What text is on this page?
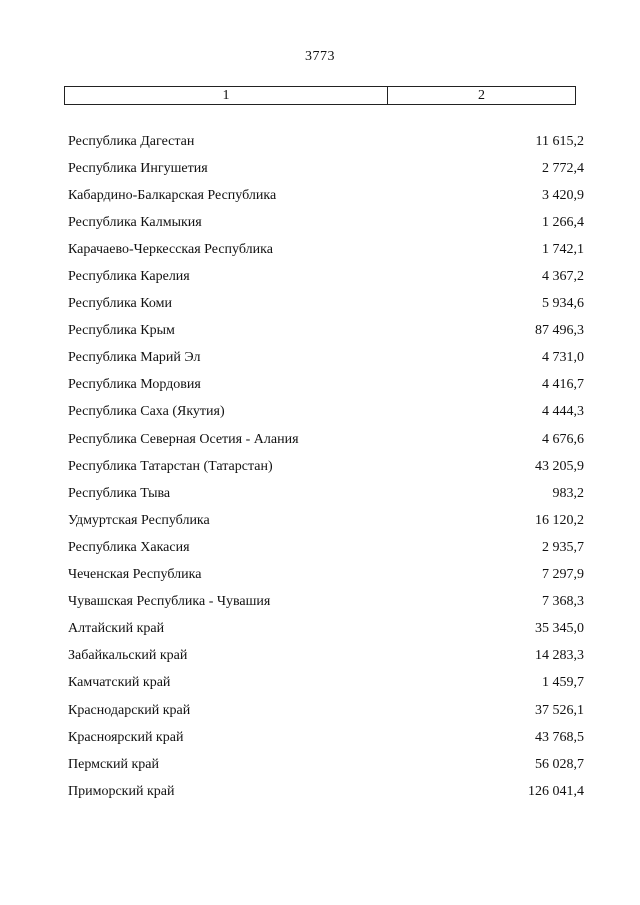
3773
1	2
Республика Дагестан	11 615,2
Республика Ингушетия	2 772,4
Кабардино-Балкарская Республика	3 420,9
Республика Калмыкия	1 266,4
Карачаево-Черкесская Республика	1 742,1
Республика Карелия	4 367,2
Республика Коми	5 934,6
Республика Крым	87 496,3
Республика Марий Эл	4 731,0
Республика Мордовия	4 416,7
Республика Саха (Якутия)	4 444,3
Республика Северная Осетия - Алания	4 676,6
Республика Татарстан (Татарстан)	43 205,9
Республика Тыва	983,2
Удмуртская Республика	16 120,2
Республика Хакасия	2 935,7
Чеченская Республика	7 297,9
Чувашская Республика - Чувашия	7 368,3
Алтайский край	35 345,0
Забайкальский край	14 283,3
Камчатский край	1 459,7
Краснодарский край	37 526,1
Красноярский край	43 768,5
Пермский край	56 028,7
Приморский край	126 041,4
